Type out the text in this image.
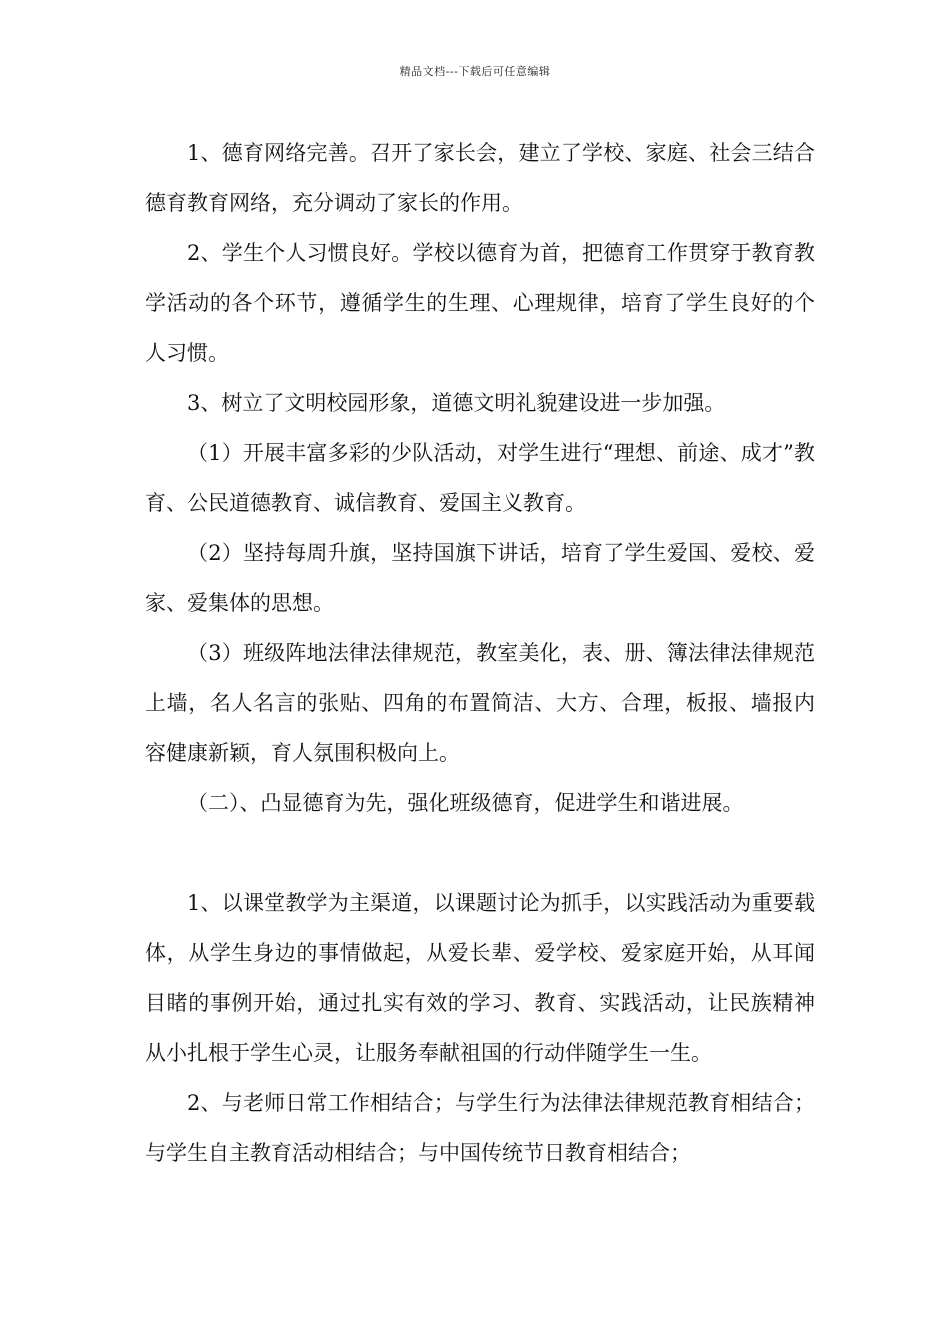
精品文档---下载后可任意编辑

1、德育网络完善。召开了家长会，建立了学校、家庭、社会三结合德育教育网络，充分调动了家长的作用。

2、学生个人习惯良好。学校以德育为首，把德育工作贯穿于教育教学活动的各个环节，遵循学生的生理、心理规律，培育了学生良好的个人习惯。

3、树立了文明校园形象，道德文明礼貌建设进一步加强。

（1）开展丰富多彩的少队活动，对学生进行“理想、前途、成才”教育、公民道德教育、诚信教育、爱国主义教育。

（2）坚持每周升旗，坚持国旗下讲话，培育了学生爱国、爱校、爱家、爱集体的思想。

（3）班级阵地法律法律规范，教室美化，表、册、簿法律法律规范上墙，名人名言的张贴、四角的布置简洁、大方、合理，板报、墙报内容健康新颖，育人氛围积极向上。

（二）、凸显德育为先，强化班级德育，促进学生和谐进展。

1、以课堂教学为主渠道，以课题讨论为抓手，以实践活动为重要载体，从学生身边的事情做起，从爱长辈、爱学校、爱家庭开始，从耳闻目睹的事例开始，通过扎实有效的学习、教育、实践活动，让民族精神从小扎根于学生心灵，让服务奉献祖国的行动伴随学生一生。

2、与老师日常工作相结合；与学生行为法律法律规范教育相结合；与学生自主教育活动相结合；与中国传统节日教育相结合；
